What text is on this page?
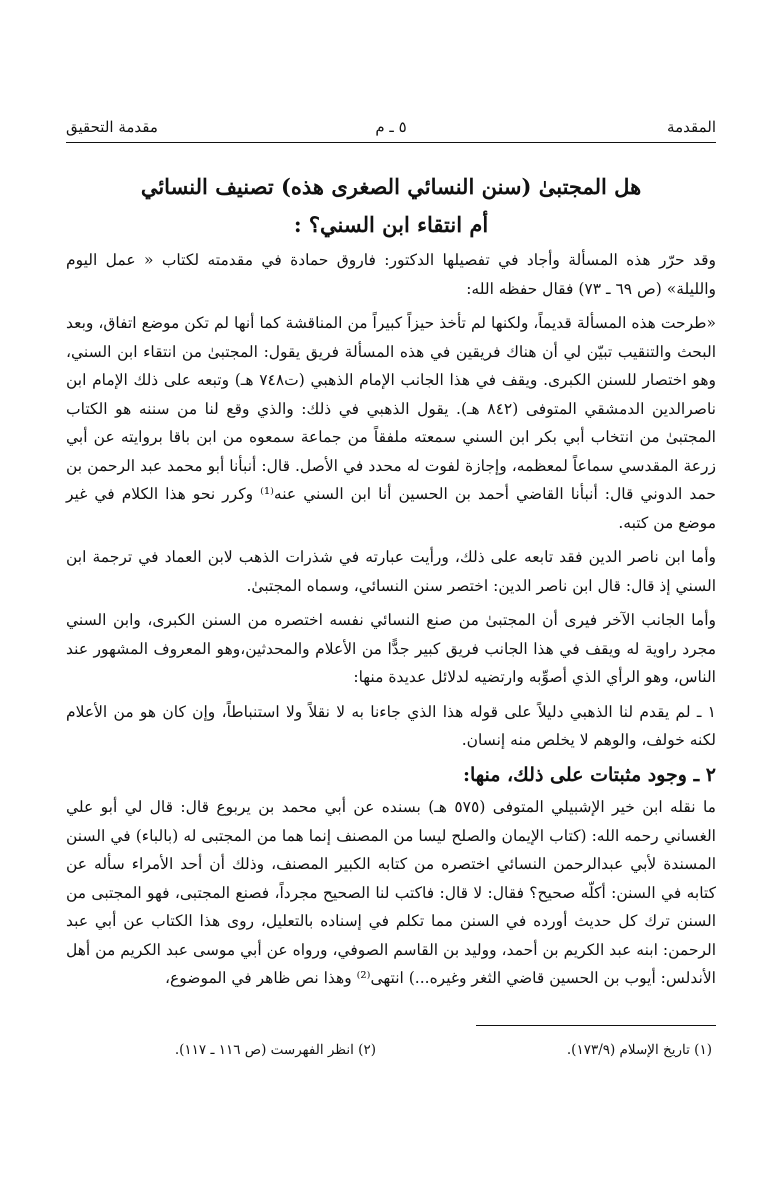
المقدمة
٥ ـ م
مقدمة التحقيق
هل المجتبىٰ (سنن النسائي الصغرى هذه) تصنيف النسائي
أم انتقاء ابن السني؟ :

وقد حرّر هذه المسألة وأجاد في تفصيلها الدكتور: فاروق حمادة في مقدمته لكتاب « عمل اليوم والليلة» (ص ٦٩ ـ ٧٣) فقال حفظه الله:

«طرحت هذه المسألة قديماً، ولكنها لم تأخذ حيزاً كبيراً من المناقشة كما أنها لم تكن موضع اتفاق، وبعد البحث والتنقيب تبيّن لي أن هناك فريقين في هذه المسألة فريق يقول: المجتبىٰ من انتقاء ابن السني، وهو اختصار للسنن الكبرى. ويقف في هذا الجانب الإمام الذهبي (ت٧٤٨ هـ) وتبعه على ذلك الإمام ابن ناصرالدين الدمشقي المتوفى (٨٤٢ هـ). يقول الذهبي في ذلك: والذي وقع لنا من سننه هو الكتاب المجتبىٰ من انتخاب أبي بكر ابن السني سمعته ملفقاً من جماعة سمعوه من ابن باقا بروايته عن أبي زرعة المقدسي سماعاً لمعظمه، وإجازة لفوت له محدد في الأصل. قال: أنبأنا أبو محمد عبد الرحمن بن حمد الدوني قال: أنبأنا القاضي أحمد بن الحسين أنا ابن السني عنه⁽¹⁾ وكرر نحو هذا الكلام في غير موضع من كتبه.

وأما ابن ناصر الدين فقد تابعه على ذلك، ورأيت عبارته في شذرات الذهب لابن العماد في ترجمة ابن السني إذ قال: قال ابن ناصر الدين: اختصر سنن النسائي، وسماه المجتبىٰ.

وأما الجانب الآخر فيرى أن المجتبىٰ من صنع النسائي نفسه اختصره من السنن الكبرى، وابن السني مجرد راوية له ويقف في هذا الجانب فريق كبير جدًّا من الأعلام والمحدثين،وهو المعروف المشهور عند الناس، وهو الرأي الذي أصوِّبه وارتضيه لدلائل عديدة منها:

١ ـ لم يقدم لنا الذهبي دليلاً على قوله هذا الذي جاءنا به لا نقلاً ولا استنباطاً، وإن كان هو من الأعلام لكنه خولف، والوهم لا يخلص منه إنسان.

٢ ـ وجود مثبتات على ذلك، منها:

ما نقله ابن خير الإشبيلي المتوفى (٥٧٥ هـ) بسنده عن أبي محمد بن يربوع قال: قال لي أبو علي الغساني رحمه الله: (كتاب الإيمان والصلح ليسا من المصنف إنما هما من المجتبى له (بالباء) في السنن المسندة لأبي عبدالرحمن النسائي اختصره من كتابه الكبير المصنف، وذلك أن أحد الأمراء سأله عن كتابه في السنن: أكلّه صحيح؟ فقال: لا قال: فاكتب لنا الصحيح مجرداً، فصنع المجتبى، فهو المجتبى من السنن ترك كل حديث أورده في السنن مما تكلم في إسناده بالتعليل، روى هذا الكتاب عن أبي عبد الرحمن: ابنه عبد الكريم بن أحمد، ووليد بن القاسم الصوفي، ورواه عن أبي موسى عبد الكريم من أهل الأندلس: أيوب بن الحسين قاضي الثغر وغيره...) انتهى⁽²⁾ وهذا نص ظاهر في الموضوع،

(١) تاريخ الإسلام (١٧٣/٩).
(٢) انظر الفهرست (ص ١١٦ ـ ١١٧).
